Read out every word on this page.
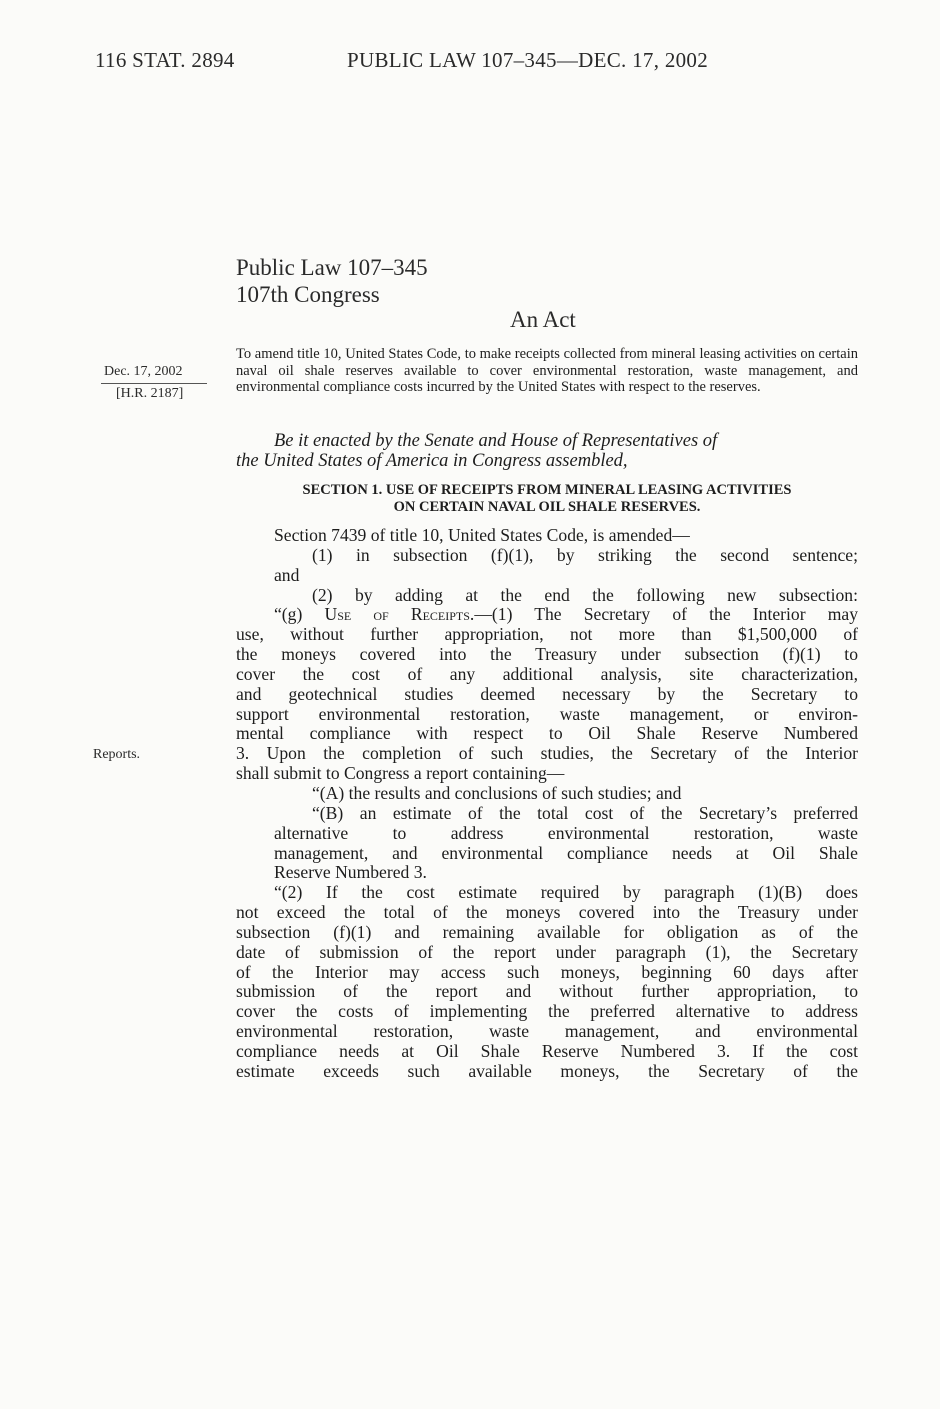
116 STAT. 2894	PUBLIC LAW 107–345—DEC. 17, 2002
Public Law 107–345
107th Congress
An Act
Dec. 17, 2002
[H.R. 2187]
Reports.
To amend title 10, United States Code, to make receipts collected from mineral leasing activities on certain naval oil shale reserves available to cover environmental restoration, waste management, and environmental compliance costs incurred by the United States with respect to the reserves.
Be it enacted by the Senate and House of Representatives of
the United States of America in Congress assembled,
SECTION 1. USE OF RECEIPTS FROM MINERAL LEASING ACTIVITIES
ON CERTAIN NAVAL OIL SHALE RESERVES.
Section 7439 of title 10, United States Code, is amended—
(1) in subsection (f)(1), by striking the second sentence;
and
(2) by adding at the end the following new subsection:
“(g) Use of Receipts.—(1) The Secretary of the Interior may
use, without further appropriation, not more than $1,500,000 of
the moneys covered into the Treasury under subsection (f)(1) to
cover the cost of any additional analysis, site characterization,
and geotechnical studies deemed necessary by the Secretary to
support environmental restoration, waste management, or environ-
mental compliance with respect to Oil Shale Reserve Numbered
3. Upon the completion of such studies, the Secretary of the Interior
shall submit to Congress a report containing—
“(A) the results and conclusions of such studies; and
“(B) an estimate of the total cost of the Secretary’s preferred
alternative to address environmental restoration, waste
management, and environmental compliance needs at Oil Shale
Reserve Numbered 3.
“(2) If the cost estimate required by paragraph (1)(B) does
not exceed the total of the moneys covered into the Treasury under
subsection (f)(1) and remaining available for obligation as of the
date of submission of the report under paragraph (1), the Secretary
of the Interior may access such moneys, beginning 60 days after
submission of the report and without further appropriation, to
cover the costs of implementing the preferred alternative to address
environmental restoration, waste management, and environmental
compliance needs at Oil Shale Reserve Numbered 3. If the cost
estimate exceeds such available moneys, the Secretary of the
